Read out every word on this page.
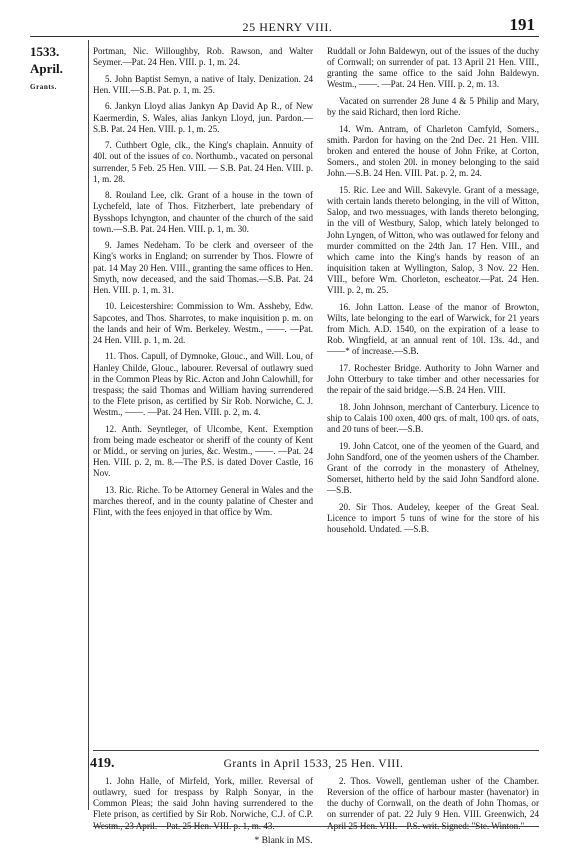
25 HENRY VIII.	191
1533.
April.
Grants.

Portman, Nic. Willoughby, Rob. Rawson, and Walter Seymer.—Pat. 24 Hen. VIII. p. 1, m. 24.

5. John Baptist Semyn, a native of Italy. Denization. 24 Hen. VIII.—S.B. Pat. p. 1, m. 25.

6. Jankyn Lloyd alias Jankyn Ap David Ap R., of New Kaermerdin, S. Wales, alias Jankyn Lloyd, jun. Pardon.—S.B. Pat. 24 Hen. VIII. p. 1, m. 25.

7. Cuthbert Ogle, clk., the King's chaplain. Annuity of 40l. out of the issues of co. Northumb., vacated on personal surrender, 5 Feb. 25 Hen. VIII. — S.B. Pat. 24 Hen. VIII. p. 1, m. 28.

8. Rouland Lee, clk. Grant of a house in the town of Lychefeld, late of Thos. Fitzherbert, late prebendary of Bysshops Ichyngton, and chaunter of the church of the said town.—S.B. Pat. 24 Hen. VIII. p. 1, m. 30.

9. James Nedeham. To be clerk and overseer of the King's works in England; on surrender by Thos. Flowre of pat. 14 May 20 Hen. VIII., granting the same offices to Hen. Smyth, now deceased, and the said Thomas.—S.B. Pat. 24 Hen. VIII. p. 1, m. 31.

10. Leicestershire: Commission to Wm. Assheby, Edw. Sapcotes, and Thos. Sharrotes, to make inquisition p. m. on the lands and heir of Wm. Berkeley. Westm., ——. —Pat. 24 Hen. VIII. p. 1, m. 2d.

11. Thos. Capull, of Dymnoke, Glouc., and Will. Lou, of Hanley Childe, Glouc., labourer. Reversal of outlawry sued in the Common Pleas by Ric. Acton and John Calowhill, for trespass; the said Thomas and William having surrendered to the Flete prison, as certified by Sir Rob. Norwiche, C. J. Westm., ——. —Pat. 24 Hen. VIII. p. 2, m. 4.

12. Anth. Seyntleger, of Ulcombe, Kent. Exemption from being made escheator or sheriff of the county of Kent or Midd., or serving on juries, &c. Westm., ——. —Pat. 24 Hen. VIII. p. 2, m. 8.—The P.S. is dated Dover Castle, 16 Nov.

13. Ric. Riche. To be Attorney General in Wales and the marches thereof, and in the county palatine of Chester and Flint, with the fees enjoyed in that office by Wm.

Ruddall or John Baldewyn, out of the issues of the duchy of Cornwall; on surrender of pat. 13 April 21 Hen. VIII., granting the same office to the said John Baldewyn. Westm., ——. —Pat. 24 Hen. VIII. p. 2, m. 13.

Vacated on surrender 28 June 4 & 5 Philip and Mary, by the said Richard, then lord Riche.

14. Wm. Antram, of Charleton Camfyld, Somers., smith. Pardon for having on the 2nd Dec. 21 Hen. VIII. broken and entered the house of John Frike, at Corton, Somers., and stolen 20l. in money belonging to the said John.—S.B. 24 Hen. VIII. Pat. p. 2, m. 24.

15. Ric. Lee and Will. Sakevyle. Grant of a message, with certain lands thereto belonging, in the vill of Witton, Salop, and two messuages, with lands thereto belonging, in the vill of Westbury, Salop, which lately belonged to John Lyngen, of Witton, who was outlawed for felony and murder committed on the 24th Jan. 17 Hen. VIII., and which came into the King's hands by reason of an inquisition taken at Wyllington, Salop, 3 Nov. 22 Hen. VIII., before Wm. Chorleton, escheator.—Pat. 24 Hen. VIII. p. 2, m. 25.

16. John Latton. Lease of the manor of Browton, Wilts, late belonging to the earl of Warwick, for 21 years from Mich. A.D. 1540, on the expiration of a lease to Rob. Wingfield, at an annual rent of 10l. 13s. 4d., and ——* of increase.—S.B.

17. Rochester Bridge. Authority to John Warner and John Otterbury to take timber and other necessaries for the repair of the said bridge.—S.B. 24 Hen. VIII.

18. John Johnson, merchant of Canterbury. Licence to ship to Calais 100 oxen, 400 qrs. of malt, 100 qrs. of oats, and 20 tuns of beer.—S.B.

19. John Catcot, one of the yeomen of the Guard, and John Sandford, one of the yeomen ushers of the Chamber. Grant of the corrody in the monastery of Athelney, Somerset, hitherto held by the said John Sandford alone.—S.B.

20. Sir Thos. Audeley, keeper of the Great Seal. Licence to import 5 tuns of wine for the store of his household. Undated. —S.B.

419.	Grants in April 1533, 25 Hen. VIII.

1. John Halle, of Mirfeld, York, miller. Reversal of outlawry, sued for trespass by Ralph Sonyar, in the Common Pleas; the said John having surrendered to the Flete prison, as certified by Sir Rob. Norwiche, C.J. of C.P. Westm., 23 April.—Pat. 25 Hen. VIII. p. 1, m. 43.

2. Thos. Vowell, gentleman usher of the Chamber. Reversion of the office of harbour master (havenator) in the duchy of Cornwall, on the death of John Thomas, or on surrender of pat. 22 July 9 Hen. VIII. Greenwich, 24 April 25 Hen. VIII.—P.S. writ. Signed: "Ste. Winton."

* Blank in MS.
